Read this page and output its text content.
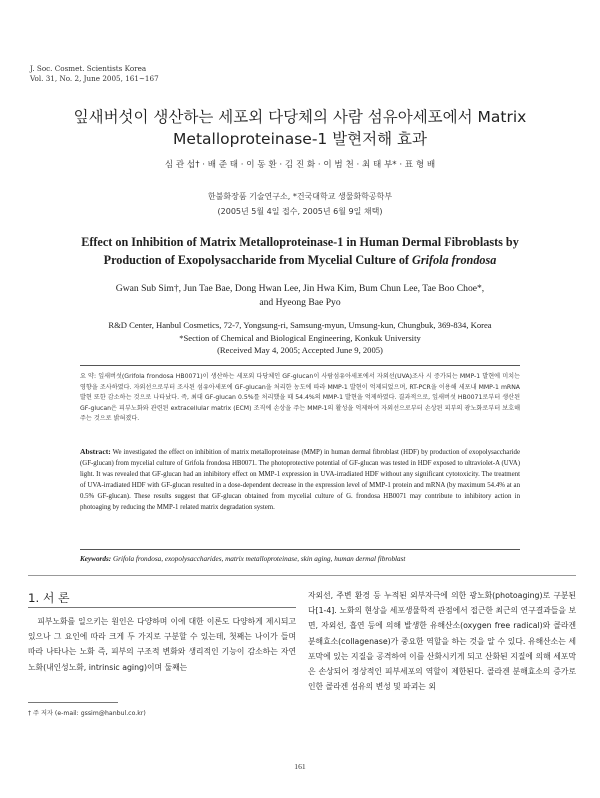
J. Soc. Cosmet. Scientists Korea
Vol. 31, No. 2, June 2005, 161~167
잎새버섯이 생산하는 세포외 다당체의 사람 섬유아세포에서 Matrix
Metalloproteinase-1 발현저해 효과
심 관 섭† · 배 준 태 · 이 동 환 · 김 진 화 · 이 범 천 · 최 태 부* · 표 형 배
한불화장품 기술연구소, *건국대학교 생물화학공학부
(2005년 5월 4일 접수, 2005년 6월 9일 채택)
Effect on Inhibition of Matrix Metalloproteinase-1 in Human Dermal Fibroblasts by
Production of Exopolysaccharide from Mycelial Culture of Grifola frondosa
Gwan Sub Sim†, Jun Tae Bae, Dong Hwan Lee, Jin Hwa Kim, Bum Chun Lee, Tae Boo Choe*,
and Hyeong Bae Pyo
R&D Center, Hanbul Cosmetics, 72-7, Yongsung-ri, Samsung-myun, Umsung-kun, Chungbuk, 369-834, Korea
*Section of Chemical and Biological Engineering, Konkuk University
(Received May 4, 2005; Accepted June 9, 2005)
요 약: 잎새버섯(Grifola frondosa HB0071)이 생산하는 세포외 다당체인 GF-glucan이 사람섬유아세포에서 자외선(UVA)조사 시 증가되는 MMP-1 발현에 미치는 영향을 조사하였다. 자외선으로부터 조사된 섬유아세포에 GF-glucan을 처리한 농도에 따라 MMP-1 발현이 억제되었으며, RT-PCR을 이용해 세포내 MMP-1 mRNA 발현 또한 감소하는 것으로 나타났다. 즉, 최대 GF-glucan 0.5%를 처리했을 때 54.4%의 MMP-1 발현을 억제하였다. 결과적으로, 잎새버섯 HB0071로부터 생산된 GF-glucan은 피부노화와 관련된 extracellular matrix (ECM) 조직에 손상을 주는 MMP-1의 활성을 억제하여 자외선으로부터 손상된 피부의 광노화로부터 보호해주는 것으로 밝혀졌다.
Abstract: We investigated the effect on inhibition of matrix metalloproteinase (MMP) in human dermal fibroblast (HDF) by production of exopolysaccharide (GF-glucan) from mycelial culture of Grifola frondosa HB0071. The photoprotective potential of GF-glucan was tested in HDF exposed to ultraviolet-A (UVA) light. It was revealed that GF-glucan had an inhibitory effect on MMP-1 expression in UVA-irradiated HDF without any significant cytotoxicity. The treatment of UVA-irradiated HDF with GF-glucan resulted in a dose-dependent decrease in the expression level of MMP-1 protein and mRNA (by maximum 54.4% at an 0.5% GF-glucan). These results suggest that GF-glucan obtained from mycelial culture of G. frondosa HB0071 may contribute to inhibitory action in photoaging by reducing the MMP-1 related matrix degradation system.
Keywords: Grifola frondosa, exopolysaccharides, matrix metalloproteinase, skin aging, human dermal fibroblast
1. 서 론
피부노화를 일으키는 원인은 다양하며 이에 대한 이론도 다양하게 제시되고 있으나 그 요인에 따라 크게 두 가지로 구분할 수 있는데, 첫째는 나이가 들며 따라 나타나는 노화 즉, 피부의 구조적 변화와 생리적인 기능이 감소하는 자연노화(내인성노화, intrinsic aging)이며 둘째는
자외선, 주변 환경 등 누적된 외부자극에 의한 광노화(photoaging)로 구분된다[1-4]. 노화의 현상을 세포생물학적 관점에서 접근한 최근의 연구결과들을 보면, 자외선, 흡연 등에 의해 발생한 유해산소(oxygen free radical)와 콜라겐 분해효소(collagenase)가 중요한 역할을 하는 것을 알 수 있다. 유해산소는 세포막에 있는 지질을 공격하여 이를 산화시키게 되고 산화된 지질에 의해 세포막은 손상되어 정상적인 피부세포의 역할이 제한된다. 콜라겐 분해효소의 증가로 인한 콜라겐 섬유의 변성 및 파괴는 외
† 주 저자 (e-mail: gssim@hanbul.co.kr)
161
